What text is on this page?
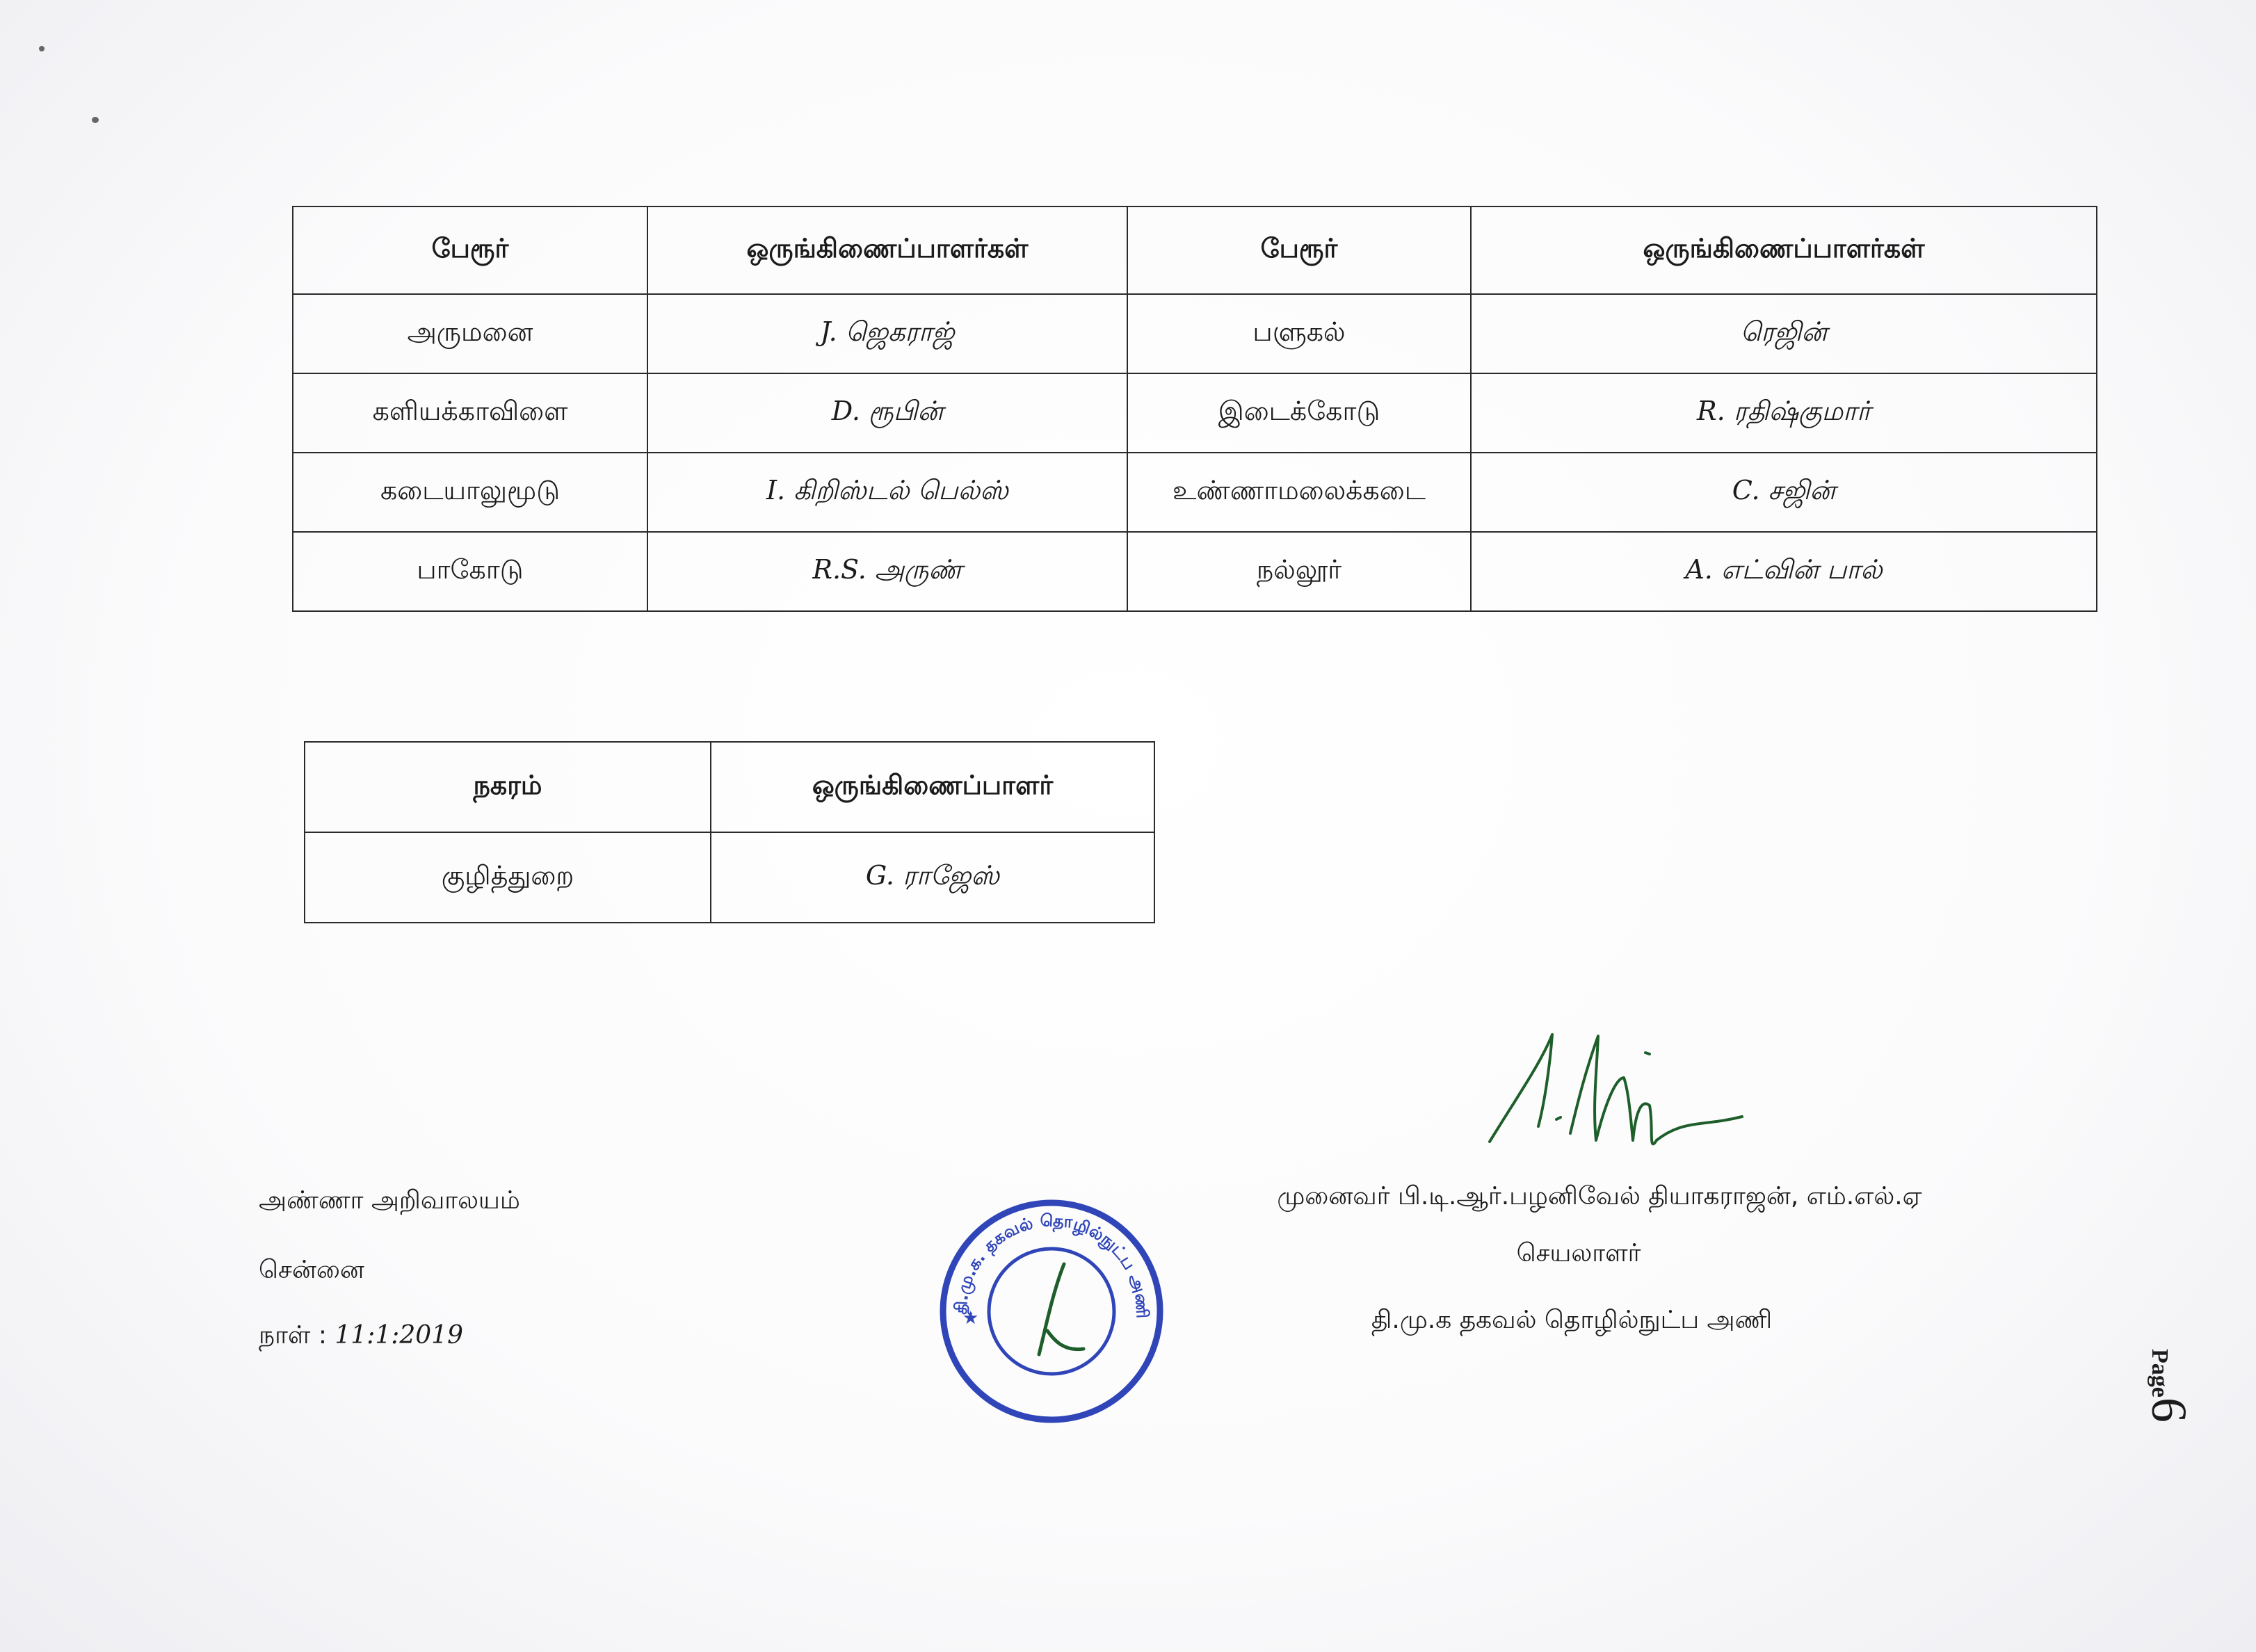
பேரூர்	ஒருங்கிணைப்பாளர்கள்	பேரூர்	ஒருங்கிணைப்பாளர்கள்
அருமனை	J. ஜெகராஜ்	பளுகல்	ரெஜின்
களியக்காவிளை	D. ரூபின்	இடைக்கோடு	R. ரதிஷ்குமார்
கடையாலுமூடு	I. கிறிஸ்டல் பெல்ஸ்	உண்ணாமலைக்கடை	C. சஜின்
பாகோடு	R.S. அருண்	நல்லூர்	A. எட்வின் பால்
நகரம்	ஒருங்கிணைப்பாளர்
குழித்துறை	G. ராஜேஸ்
அண்ணா அறிவாலயம்
சென்னை
நாள் : 11:1:2019
முனைவர் பி.டி.ஆர்.பழனிவேல் தியாகராஜன், எம்.எல்.ஏ
செயலாளர்
தி.மு.க தகவல் தொழில்நுட்ப அணி
தி.மு.க. தகவல் தொழில்நுட்ப அணி
★
Page6
